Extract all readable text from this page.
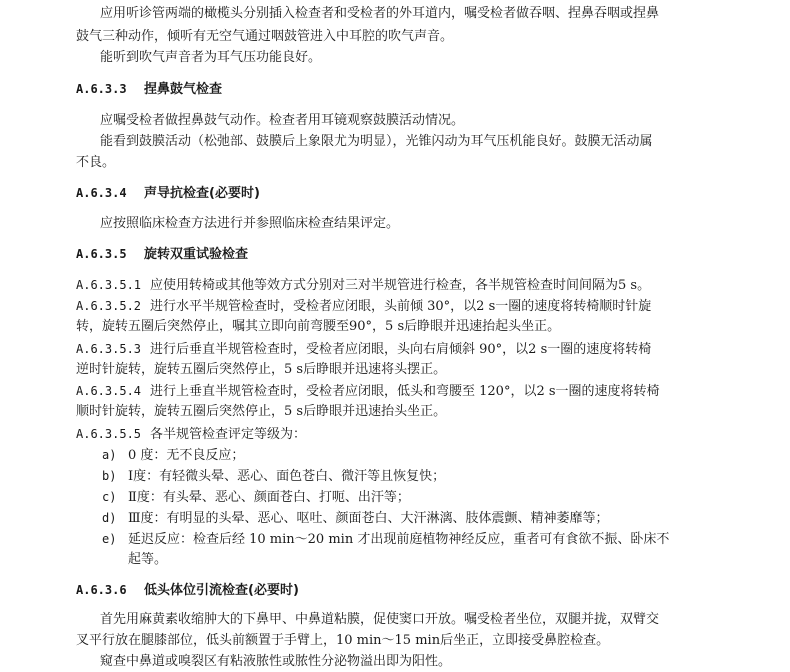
应用听诊管两端的橄榄头分别插入检查者和受检者的外耳道内，嘱受检者做吞咽、捏鼻吞咽或捏鼻
鼓气三种动作，倾听有无空气通过咽鼓管进入中耳腔的吹气声音。
能听到吹气声音者为耳气压功能良好。
A.6.3.3 捏鼻鼓气检查
应嘱受检者做捏鼻鼓气动作。检查者用耳镜观察鼓膜活动情况。
能看到鼓膜活动（松弛部、鼓膜后上象限尤为明显），光锥闪动为耳气压机能良好。鼓膜无活动属
不良。
A.6.3.4 声导抗检查(必要时)
应按照临床检查方法进行并参照临床检查结果评定。
A.6.3.5 旋转双重试验检查
A.6.3.5.1 应使用转椅或其他等效方式分别对三对半规管进行检查，各半规管检查时间间隔为5 s。
A.6.3.5.2 进行水平半规管检查时，受检者应闭眼，头前倾 30°，以2 s一圈的速度将转椅顺时针旋
转，旋转五圈后突然停止，嘱其立即向前弯腰至90°，5 s后睁眼并迅速抬起头坐正。
A.6.3.5.3 进行后垂直半规管检查时，受检者应闭眼，头向右肩倾斜 90°，以2 s一圈的速度将转椅
逆时针旋转，旋转五圈后突然停止，5 s后睁眼并迅速将头摆正。
A.6.3.5.4 进行上垂直半规管检查时，受检者应闭眼，低头和弯腰至 120°，以2 s一圈的速度将转椅
顺时针旋转，旋转五圈后突然停止，5 s后睁眼并迅速抬头坐正。
A.6.3.5.5 各半规管检查评定等级为：
a) 0 度：无不良反应；
b) Ⅰ度：有轻微头晕、恶心、面色苍白、微汗等且恢复快；
c) Ⅱ度：有头晕、恶心、颜面苍白、打呃、出汗等；
d) Ⅲ度：有明显的头晕、恶心、呕吐、颜面苍白、大汗淋漓、肢体震颤、精神萎靡等；
e) 延迟反应：检查后经 10 min～20 min 才出现前庭植物神经反应，重者可有食欲不振、卧床不
起等。
A.6.3.6 低头体位引流检查(必要时)
首先用麻黄素收缩肿大的下鼻甲、中鼻道粘膜，促使窦口开放。嘱受检者坐位，双腿并拢，双臂交
叉平行放在腿膝部位，低头前额置于手臂上，10 min～15 min后坐正，立即接受鼻腔检查。
窥查中鼻道或嗅裂区有粘液脓性或脓性分泌物溢出即为阳性。
